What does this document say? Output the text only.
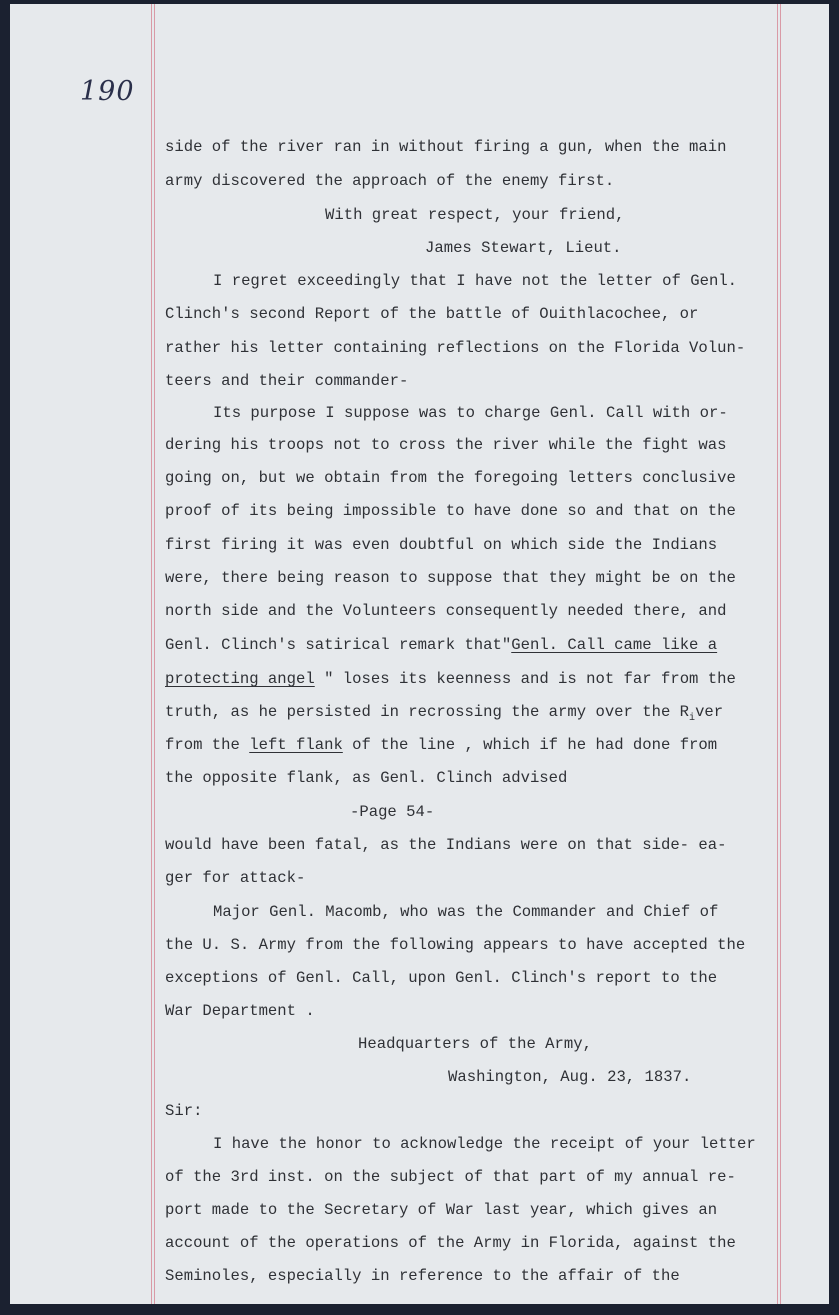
190
side of the river ran in without firing a gun, when the main
army discovered the approach of the enemy first.
With great respect, your friend,
James Stewart, Lieut.
I regret exceedingly that I have not the letter of Genl.
Clinch's second Report of the battle of Ouithlacochee, or
rather his letter containing reflections on the Florida Volun-
teers and their commander-
Its purpose I suppose was to charge Genl. Call with or-
dering his troops not to cross the river while the fight was
going on, but we obtain from the foregoing letters conclusive
proof of its being impossible to have done so and that on the
first firing it was even doubtful on which side the Indians
were, there being reason to suppose that they might be on the
north side and the Volunteers consequently needed there, and
Genl. Clinch's satirical remark that"Genl. Call came like a
protecting angel " loses its keenness and is not far from the
truth, as he persisted in recrossing the army over the $R_iver$
from the left flank of the line , which if he had done from
the opposite flank, as Genl. Clinch advised
-Page 54-
would have been fatal, as the Indians were on that side- ea-
ger for attack-
Major Genl. Macomb, who was the Commander and Chief of
the U. S. Army from the following appears to have accepted the
exceptions of Genl. Call, upon Genl. Clinch's report to the
War Department .
Headquarters of the Army,
Washington, Aug. 23, 1837.
Sir:
I have the honor to acknowledge the receipt of your letter
of the 3rd inst. on the subject of that part of my annual re-
port made to the Secretary of War last year, which gives an
account of the operations of the Army in Florida, against the
Seminoles, especially in reference to the affair of the
